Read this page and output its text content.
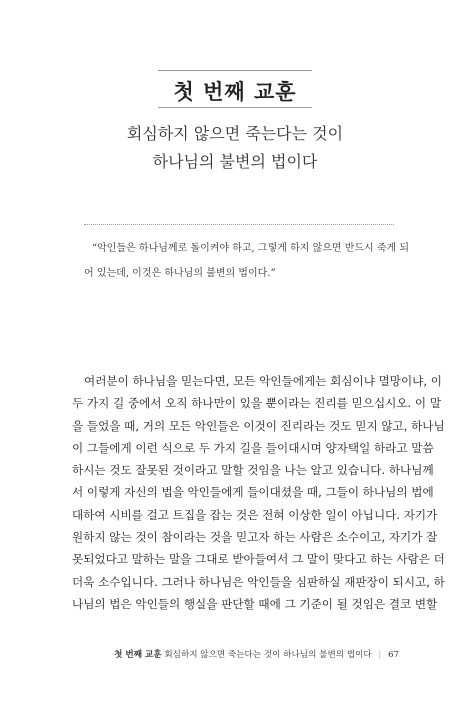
첫 번째 교훈
회심하지 않으면 죽는다는 것이
하나님의 불변의 법이다
“악인들은 하나님께로 돌이켜야 하고, 그렇게 하지 않으면 반드시 죽게 되
어 있는데, 이것은 하나님의 불변의 법이다.”
여러분이 하나님을 믿는다면, 모든 악인들에게는 회심이냐 멸망이냐, 이
두 가지 길 중에서 오직 하나만이 있을 뿐이라는 진리를 믿으십시오. 이 말
을 들었을 때, 거의 모든 악인들은 이것이 진리라는 것도 믿지 않고, 하나님
이 그들에게 이런 식으로 두 가지 길을 들이대시며 양자택일 하라고 말씀
하시는 것도 잘못된 것이라고 말할 것임을 나는 알고 있습니다. 하나님께
서 이렇게 자신의 법을 악인들에게 들이대셨을 때, 그들이 하나님의 법에
대하여 시비를 걸고 트집을 잡는 것은 전혀 이상한 일이 아닙니다. 자기가
원하지 않는 것이 참이라는 것을 믿고자 하는 사람은 소수이고, 자기가 잘
못되었다고 말하는 말을 그대로 받아들여서 그 말이 맞다고 하는 사람은 더
더욱 소수입니다. 그러나 하나님은 악인들을 심판하실 재판장이 되시고, 하
나님의 법은 악인들의 행실을 판단할 때에 그 기준이 될 것임은 결코 변할
첫 번째 교훈 회심하지 않으면 죽는다는 것이 하나님의 불변의 법이다 | 67
